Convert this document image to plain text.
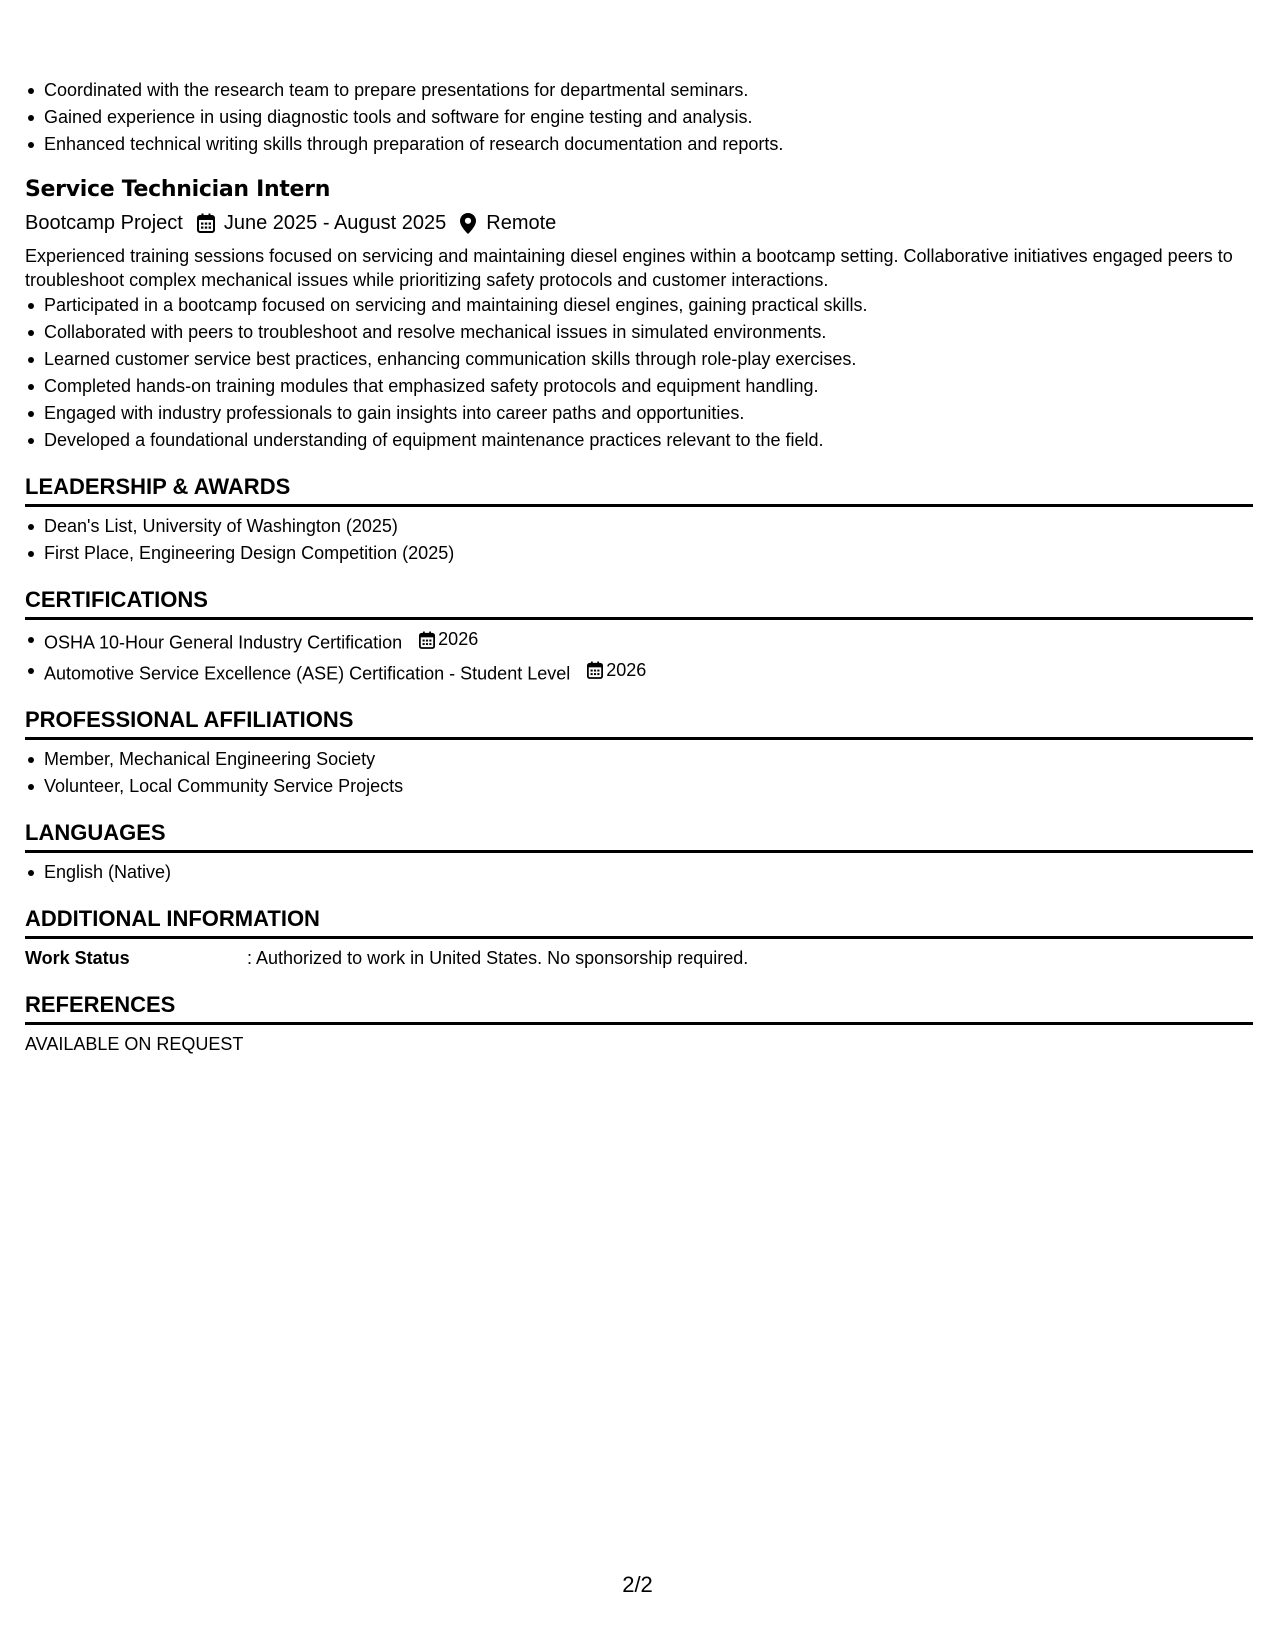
Coordinated with the research team to prepare presentations for departmental seminars.
Gained experience in using diagnostic tools and software for engine testing and analysis.
Enhanced technical writing skills through preparation of research documentation and reports.
Service Technician Intern
Bootcamp Project June 2025 - August 2025 Remote
Experienced training sessions focused on servicing and maintaining diesel engines within a bootcamp setting. Collaborative initiatives engaged peers to troubleshoot complex mechanical issues while prioritizing safety protocols and customer interactions.
Participated in a bootcamp focused on servicing and maintaining diesel engines, gaining practical skills.
Collaborated with peers to troubleshoot and resolve mechanical issues in simulated environments.
Learned customer service best practices, enhancing communication skills through role-play exercises.
Completed hands-on training modules that emphasized safety protocols and equipment handling.
Engaged with industry professionals to gain insights into career paths and opportunities.
Developed a foundational understanding of equipment maintenance practices relevant to the field.
LEADERSHIP & AWARDS
Dean's List, University of Washington (2025)
First Place, Engineering Design Competition (2025)
CERTIFICATIONS
OSHA 10-Hour General Industry Certification 2026
Automotive Service Excellence (ASE) Certification - Student Level 2026
PROFESSIONAL AFFILIATIONS
Member, Mechanical Engineering Society
Volunteer, Local Community Service Projects
LANGUAGES
English (Native)
ADDITIONAL INFORMATION
Work Status	: Authorized to work in United States. No sponsorship required.
REFERENCES
AVAILABLE ON REQUEST
2/2
